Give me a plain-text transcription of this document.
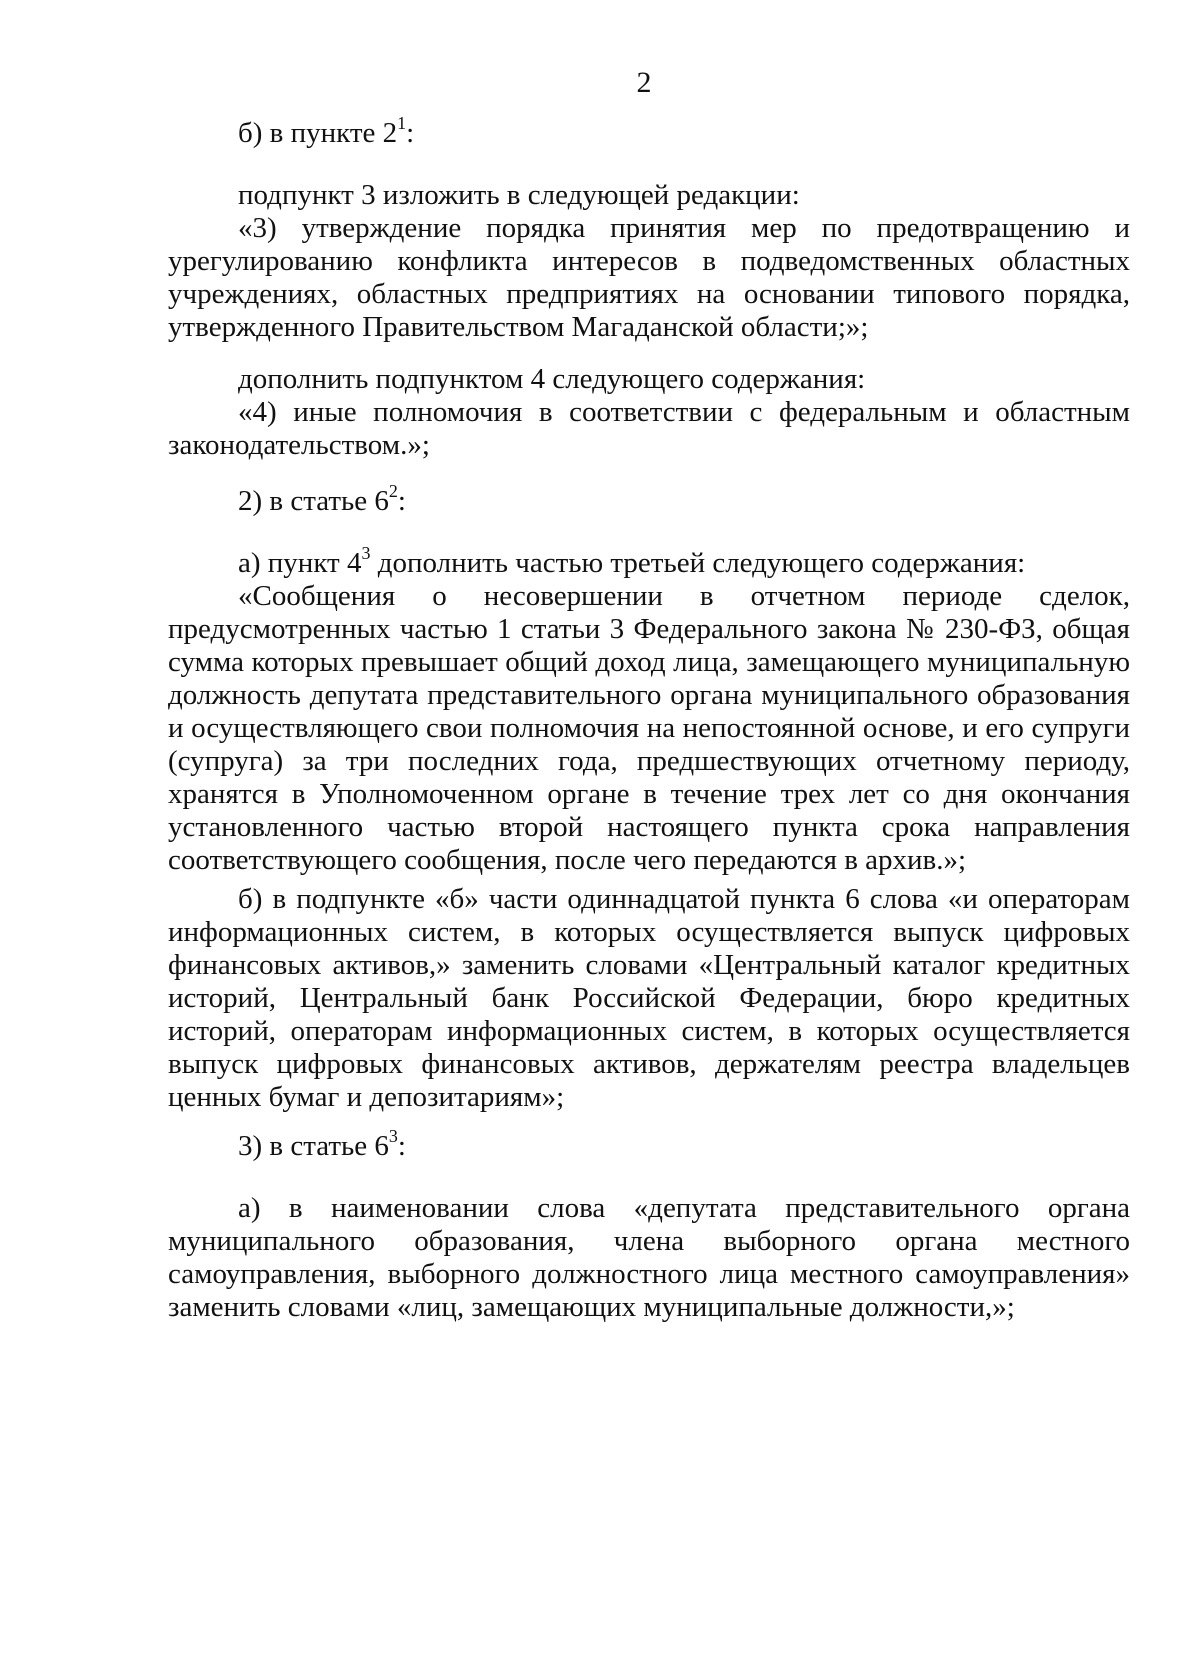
2

б) в пункте $2^1$:

подпункт 3 изложить в следующей редакции:

«3) утверждение порядка принятия мер по предотвращению и урегулированию конфликта интересов в подведомственных областных учреждениях, областных предприятиях на основании типового порядка, утвержденного Правительством Магаданской области;»;

дополнить подпунктом 4 следующего содержания:

«4) иные полномочия в соответствии с федеральным и областным законодательством.»;

2) в статье $6^2$:

а) пункт $4^3$ дополнить частью третьей следующего содержания:

«Сообщения о несовершении в отчетном периоде сделок, предусмотренных частью 1 статьи 3 Федерального закона № 230-ФЗ, общая сумма которых превышает общий доход лица, замещающего муниципальную должность депутата представительного органа муниципального образования и осуществляющего свои полномочия на непостоянной основе, и его супруги (супруга) за три последних года, предшествующих отчетному периоду, хранятся в Уполномоченном органе в течение трех лет со дня окончания установленного частью второй настоящего пункта срока направления соответствующего сообщения, после чего передаются в архив.»;

б) в подпункте «б» части одиннадцатой пункта 6 слова «и операторам информационных систем, в которых осуществляется выпуск цифровых финансовых активов,» заменить словами «Центральный каталог кредитных историй, Центральный банк Российской Федерации, бюро кредитных историй, операторам информационных систем, в которых осуществляется выпуск цифровых финансовых активов, держателям реестра владельцев ценных бумаг и депозитариям»;

3) в статье $6^3$:

а) в наименовании слова «депутата представительного органа муниципального образования, члена выборного органа местного самоуправления, выборного должностного лица местного самоуправления» заменить словами «лиц, замещающих муниципальные должности,»;
